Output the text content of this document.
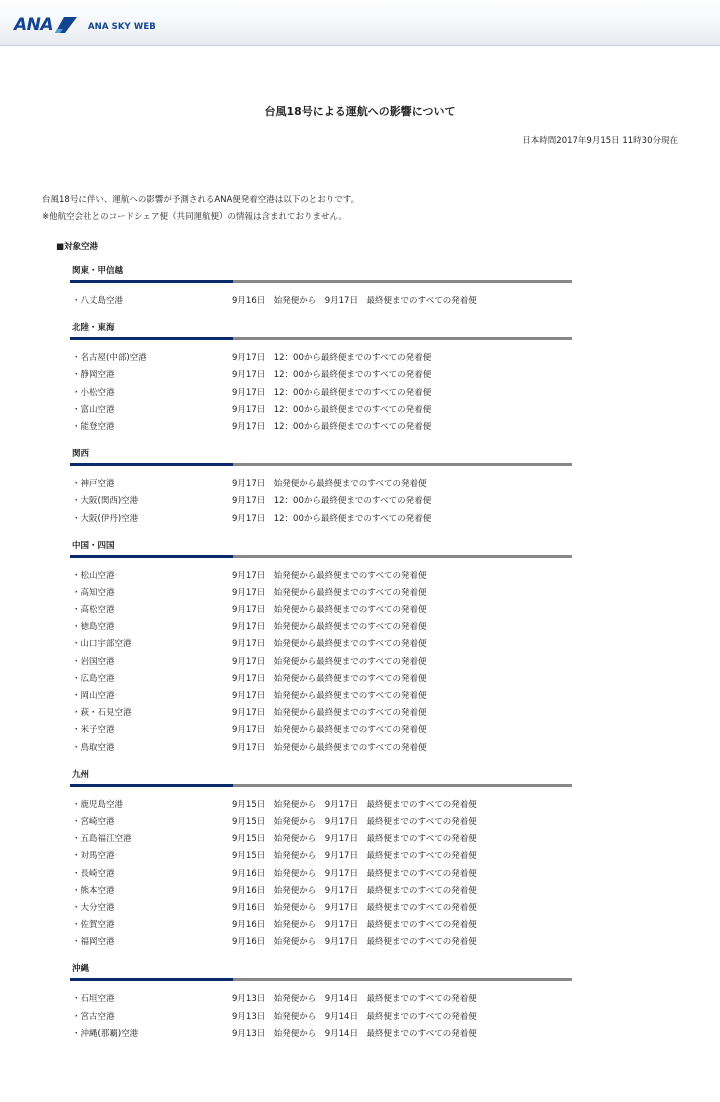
ANA	ANA SKY WEB
台風18号による運航への影響について
日本時間2017年9月15日 11時30分現在

台風18号に伴い、運航への影響が予測されるANA便発着空港は以下のとおりです。

※他航空会社とのコードシェア便（共同運航便）の情報は含まれておりません。

■対象空港
関東・甲信越
・八丈島空港	9月16日　始発便から　9月17日　最終便までのすべての発着便
北陸・東海
・名古屋(中部)空港	9月17日　12：00から最終便までのすべての発着便
・静岡空港	9月17日　12：00から最終便までのすべての発着便
・小松空港	9月17日　12：00から最終便までのすべての発着便
・富山空港	9月17日　12：00から最終便までのすべての発着便
・能登空港	9月17日　12：00から最終便までのすべての発着便
関西
・神戸空港	9月17日　始発便から最終便までのすべての発着便
・大阪(関西)空港	9月17日　12：00から最終便までのすべての発着便
・大阪(伊丹)空港	9月17日　12：00から最終便までのすべての発着便
中国・四国
・松山空港	9月17日　始発便から最終便までのすべての発着便
・高知空港	9月17日　始発便から最終便までのすべての発着便
・高松空港	9月17日　始発便から最終便までのすべての発着便
・徳島空港	9月17日　始発便から最終便までのすべての発着便
・山口宇部空港	9月17日　始発便から最終便までのすべての発着便
・岩国空港	9月17日　始発便から最終便までのすべての発着便
・広島空港	9月17日　始発便から最終便までのすべての発着便
・岡山空港	9月17日　始発便から最終便までのすべての発着便
・萩・石見空港	9月17日　始発便から最終便までのすべての発着便
・米子空港	9月17日　始発便から最終便までのすべての発着便
・鳥取空港	9月17日　始発便から最終便までのすべての発着便
九州
・鹿児島空港	9月15日　始発便から　9月17日　最終便までのすべての発着便
・宮崎空港	9月15日　始発便から　9月17日　最終便までのすべての発着便
・五島福江空港	9月15日　始発便から　9月17日　最終便までのすべての発着便
・対馬空港	9月15日　始発便から　9月17日　最終便までのすべての発着便
・長崎空港	9月16日　始発便から　9月17日　最終便までのすべての発着便
・熊本空港	9月16日　始発便から　9月17日　最終便までのすべての発着便
・大分空港	9月16日　始発便から　9月17日　最終便までのすべての発着便
・佐賀空港	9月16日　始発便から　9月17日　最終便までのすべての発着便
・福岡空港	9月16日　始発便から　9月17日　最終便までのすべての発着便
沖縄
・石垣空港	9月13日　始発便から　9月14日　最終便までのすべての発着便
・宮古空港	9月13日　始発便から　9月14日　最終便までのすべての発着便
・沖縄(那覇)空港	9月13日　始発便から　9月14日　最終便までのすべての発着便
